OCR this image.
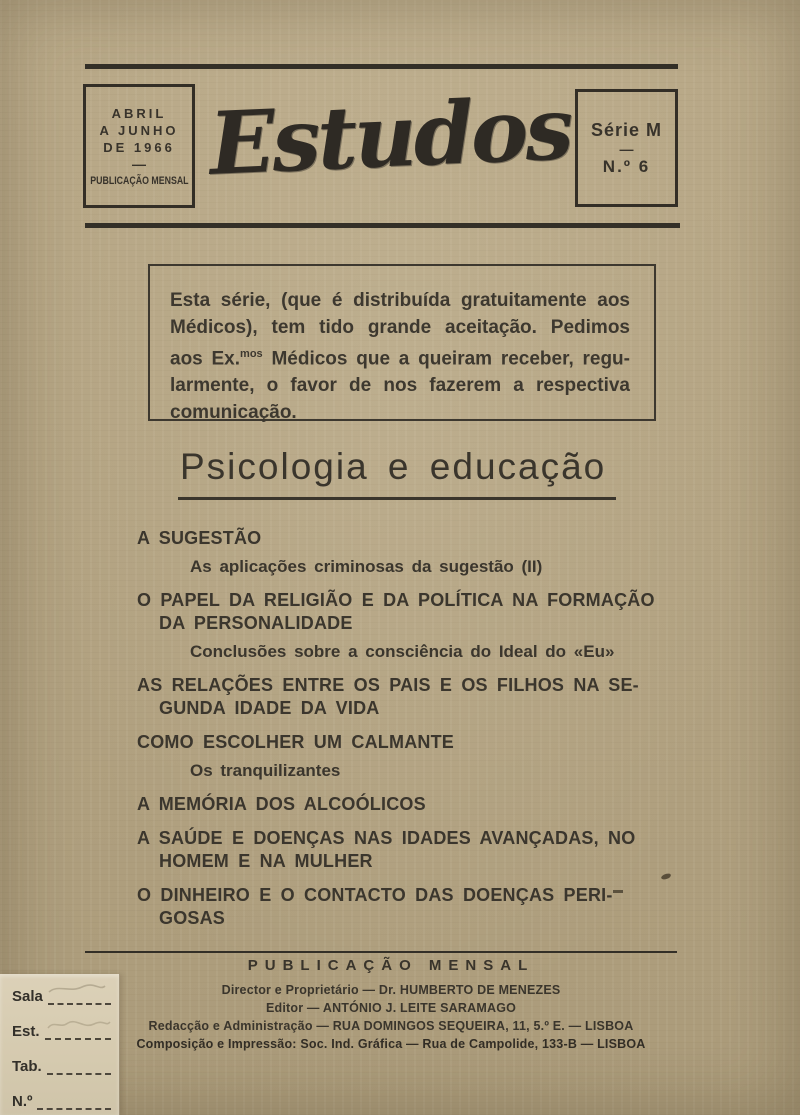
ABRIL
A JUNHO
DE 1966
—
PUBLICAÇÃO MENSAL Estudos Série M
—
N.º 6
Esta série, (que é distribuída gratuitamente aos
Médicos), tem tido grande aceitação. Pedimos
aos Ex.$^{mos}$ Médicos que a queiram receber, regu-
larmente, o favor de nos fazerem a respectiva
comunicação.
Psicologia e educação
A SUGESTÃO
As aplicações criminosas da sugestão (II)
O PAPEL DA RELIGIÃO E DA POLÍTICA NA FORMAÇÃO
DA PERSONALIDADE
Conclusões sobre a consciência do Ideal do «Eu»
AS RELAÇÕES ENTRE OS PAIS E OS FILHOS NA SE-
GUNDA IDADE DA VIDA
COMO ESCOLHER UM CALMANTE
Os tranquilizantes
A MEMÓRIA DOS ALCOÓLICOS
A SAÚDE E DOENÇAS NAS IDADES AVANÇADAS, NO
HOMEM E NA MULHER
O DINHEIRO E O CONTACTO DAS DOENÇAS PERI-
GOSAS
PUBLICAÇÃO MENSAL
Director e Proprietário — Dr. HUMBERTO DE MENEZES
Editor — ANTÓNIO J. LEITE SARAMAGO
Redacção e Administração — RUA DOMINGOS SEQUEIRA, 11, 5.º E. — LISBOA
Composição e Impressão: Soc. Ind. Gráfica — Rua de Campolide, 133-B — LISBOA
Sala
Est.
Tab.
N.º
